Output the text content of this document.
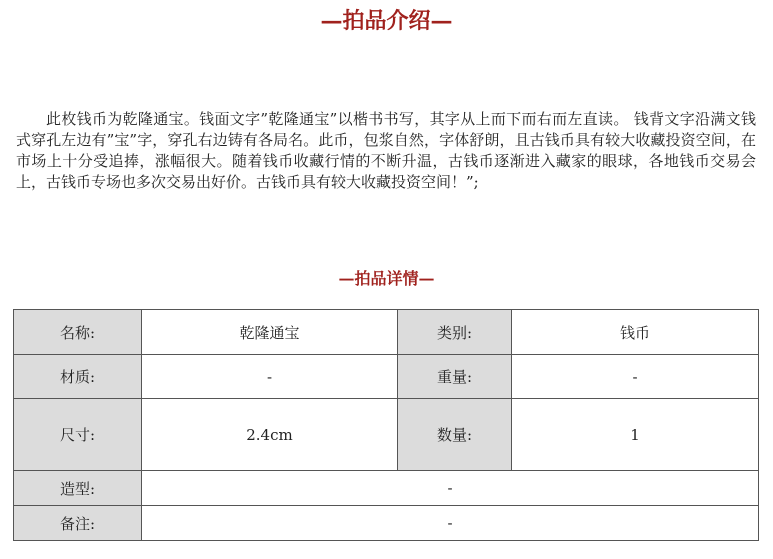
—拍品介绍—

此枚钱币为乾隆通宝。钱面文字”乾隆通宝”以楷书书写，其字从上而下而右而左直读。 钱背文字沿满文钱式穿孔左边有”宝”字，穿孔右边铸有各局名。此币，包浆自然，字体舒朗，且古钱币具有较大收藏投资空间，在市场上十分受追捧，涨幅很大。随着钱币收藏行情的不断升温，古钱币逐渐进入藏家的眼球，各地钱币交易会上，古钱币专场也多次交易出好价。古钱币具有较大收藏投资空间！”;

—拍品详情—
名称:	乾隆通宝	类别:	钱币
材质:	-	重量:	-
尺寸:	2.4cm	数量:	1
造型:	-		
备注:	-		
